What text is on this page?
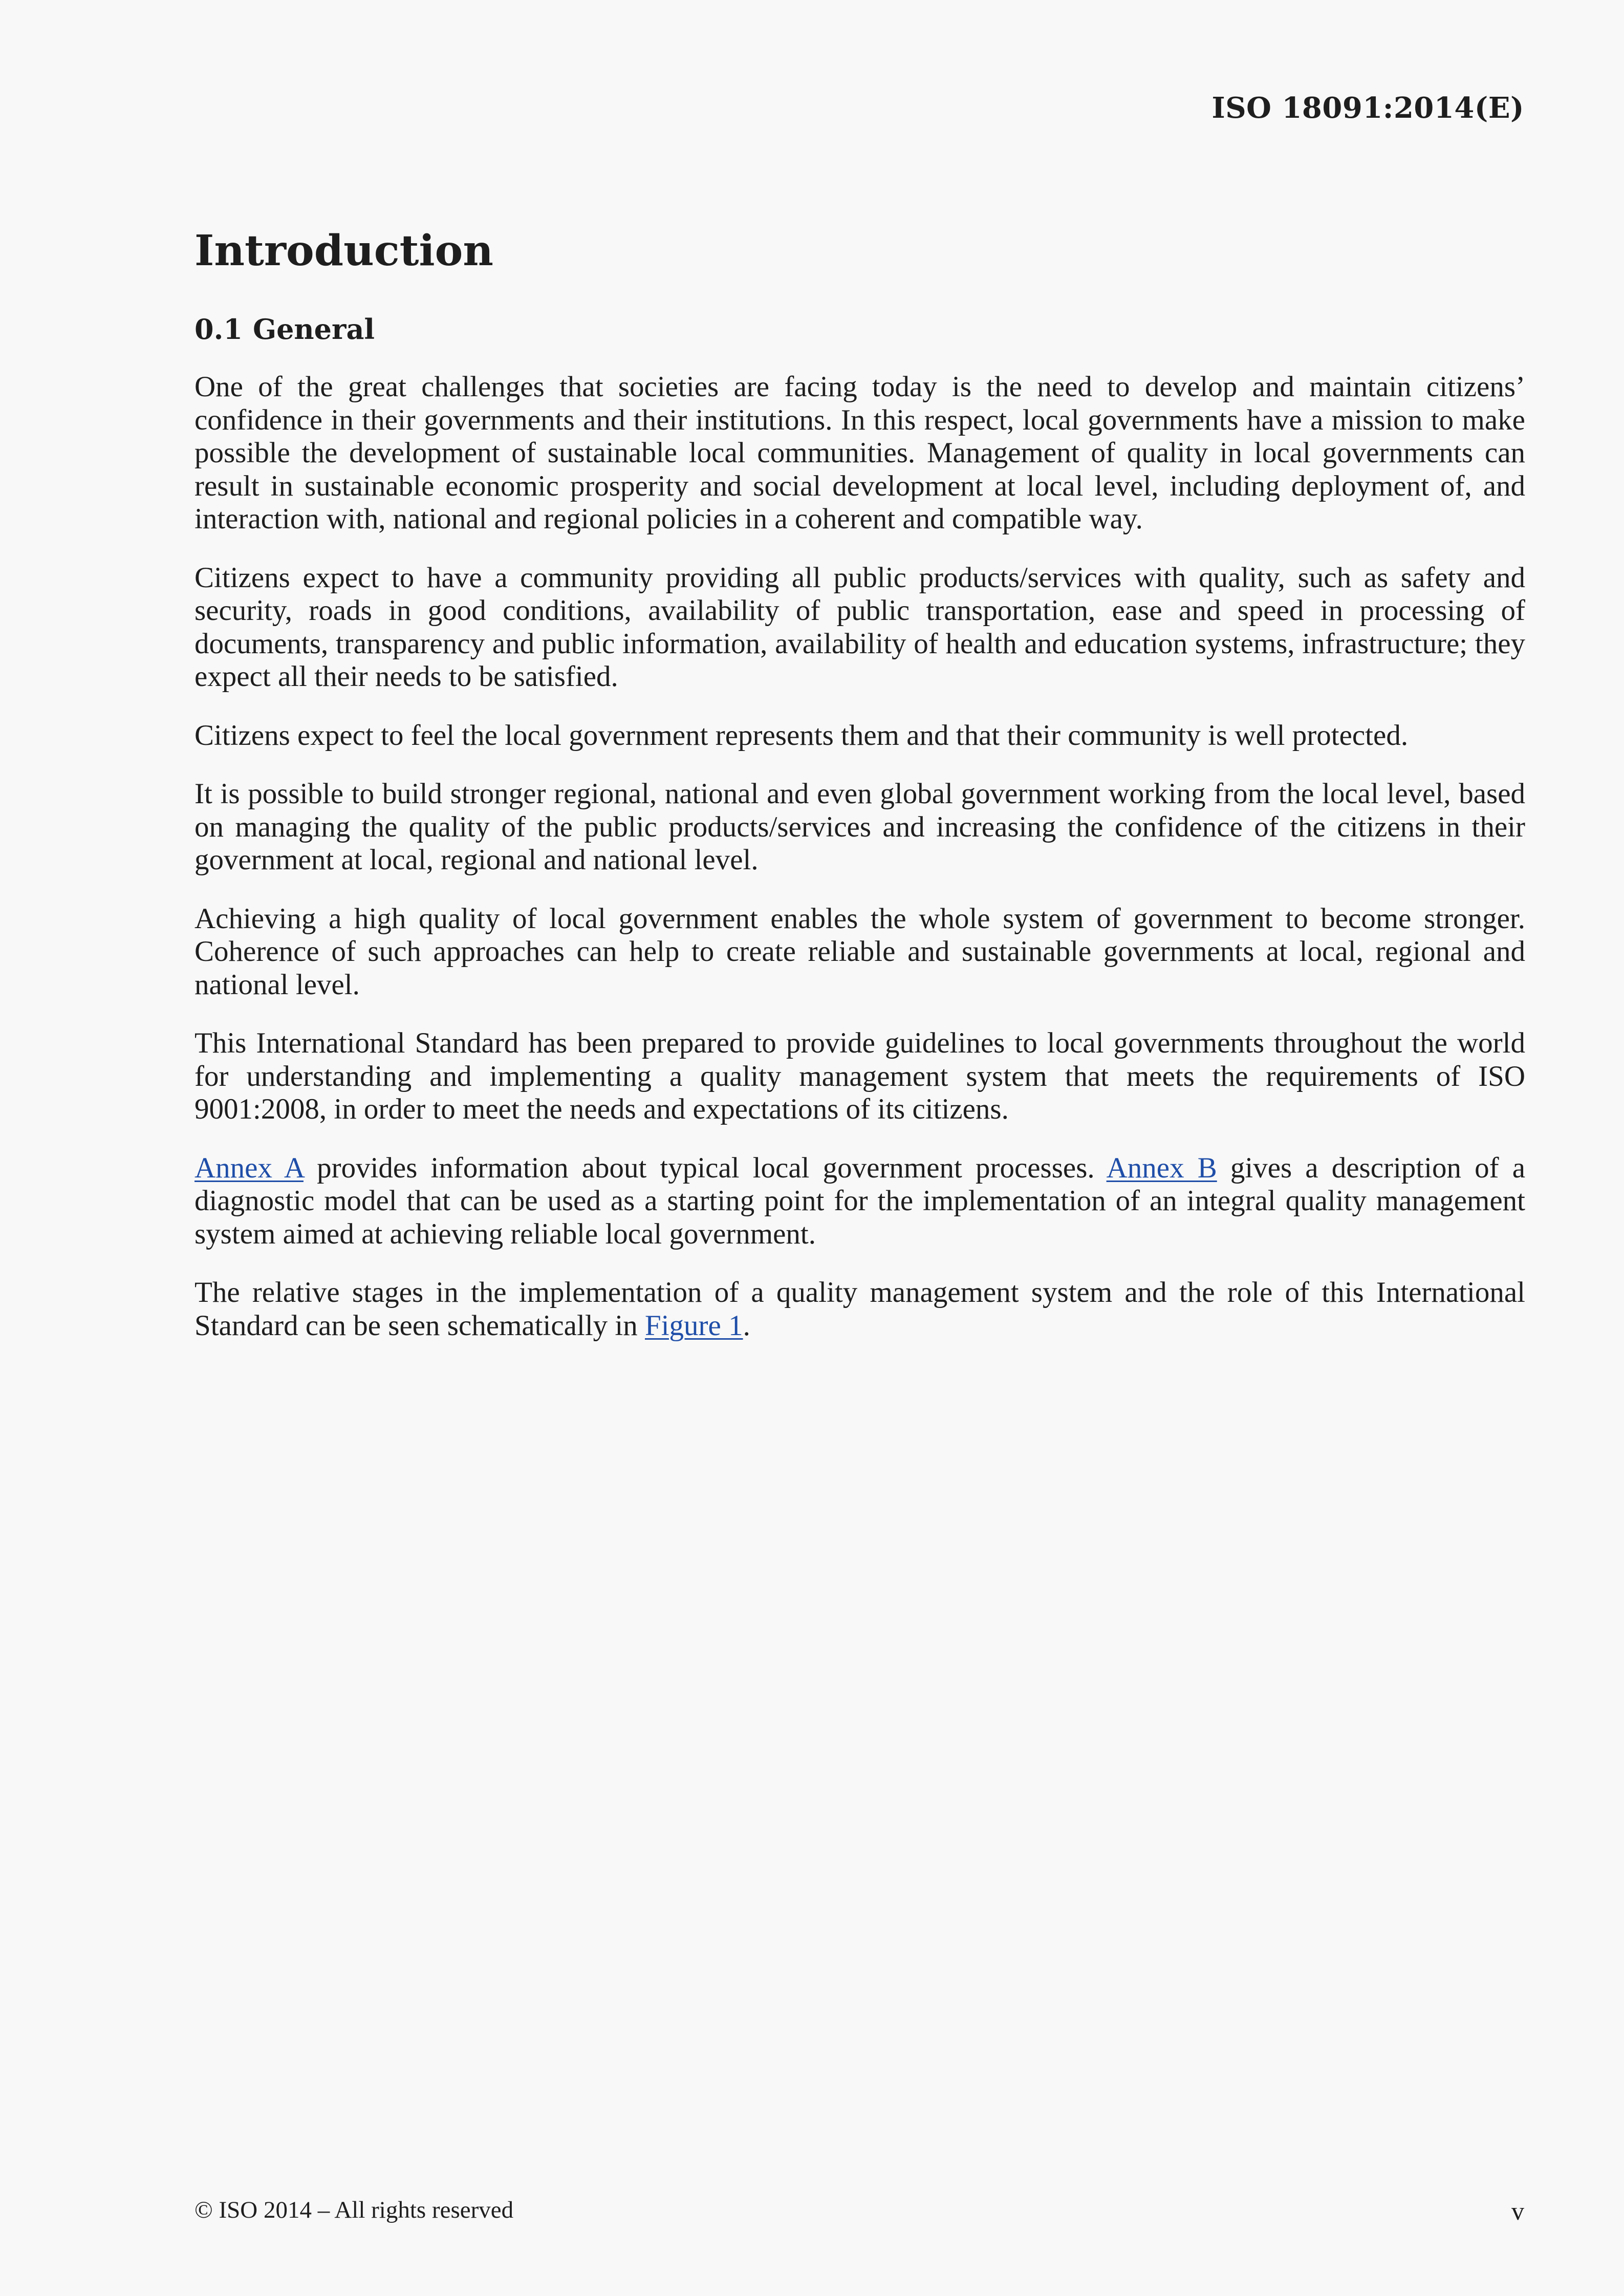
ISO 18091:2014(E)
Introduction
0.1 General

One of the great challenges that societies are facing today is the need to develop and maintain citizens’ confidence in their governments and their institutions. In this respect, local governments have a mission to make possible the development of sustainable local communities. Management of quality in local governments can result in sustainable economic prosperity and social development at local level, including deployment of, and interaction with, national and regional policies in a coherent and compatible way.

Citizens expect to have a community providing all public products/services with quality, such as safety and security, roads in good conditions, availability of public transportation, ease and speed in processing of documents, transparency and public information, availability of health and education systems, infrastructure; they expect all their needs to be satisfied.

Citizens expect to feel the local government represents them and that their community is well protected.

It is possible to build stronger regional, national and even global government working from the local level, based on managing the quality of the public products/services and increasing the confidence of the citizens in their government at local, regional and national level.

Achieving a high quality of local government enables the whole system of government to become stronger. Coherence of such approaches can help to create reliable and sustainable governments at local, regional and national level.

This International Standard has been prepared to provide guidelines to local governments throughout the world for understanding and implementing a quality management system that meets the requirements of ISO 9001:2008, in order to meet the needs and expectations of its citizens.

Annex A provides information about typical local government processes. Annex B gives a description of a diagnostic model that can be used as a starting point for the implementation of an integral quality management system aimed at achieving reliable local government.

The relative stages in the implementation of a quality management system and the role of this International Standard can be seen schematically in Figure 1.

© ISO 2014 – All rights reserved	v
